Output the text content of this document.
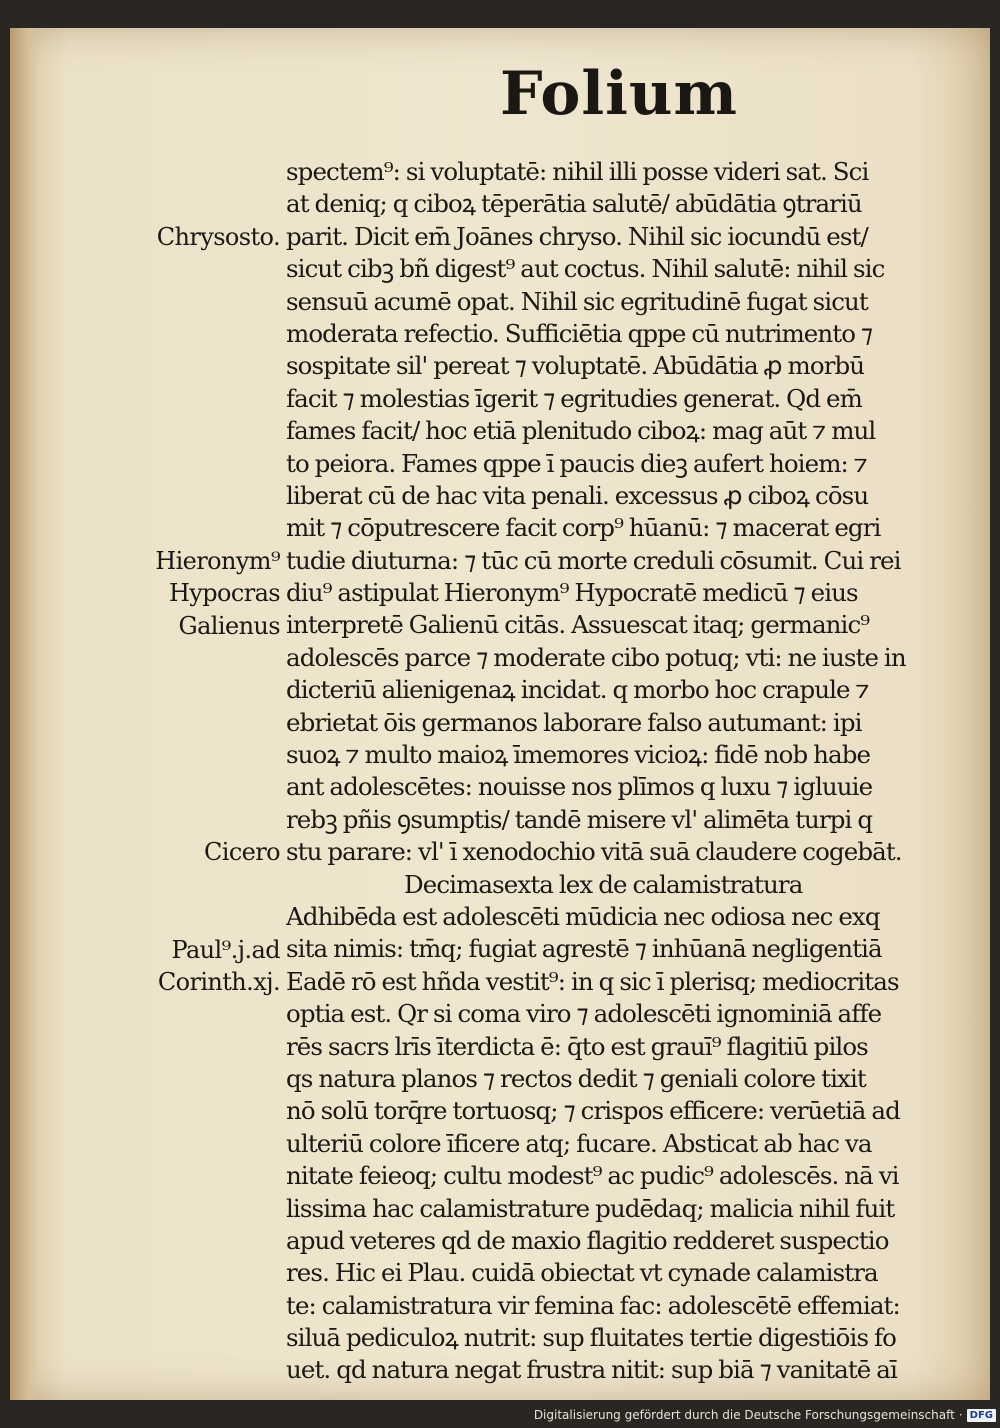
Folium
Chrysosto.
Hieronym⁹
Hypocras
Galienus
Cicero
Paul⁹.j.ad
Corinth.xj.
spectem⁹: si voluptatē: nihil illi posse videri sat. Sci
at deniq; q ciboꝝ tēperātia salutē/ abūdātia ꝯtrariū
parit. Dicit em̄ Joānes chryso. Nihil sic iocundū est/
sicut cibꝫ bñ digest⁹ aut coctus. Nihil salutē: nihil sic
sensuū acumē opat. Nihil sic egritudinē fugat sicut
moderata refectio. Sufficiētia qppe cū nutrimento ⁊
sospitate sil' pereat ⁊ voluptatē. Abūdātia ꝓ morbū
facit ⁊ molestias īgerit ⁊ egritudies generat. Qd em̄
fames facit/ hoc etiā plenitudo ciboꝝ: mag aūt ⁊ mul
to peiora. Fames qppe ī paucis dieꝫ aufert hoiem: ⁊
liberat cū de hac vita penali. excessus ꝓ ciboꝝ cōsu
mit ⁊ cōputrescere facit corp⁹ hūanū: ⁊ macerat egri
tudie diuturna: ⁊ tūc cū morte creduli cōsumit. Cui rei
diu⁹ astipulat Hieronym⁹ Hypocratē medicū ⁊ eius
interpretē Galienū citās. Assuescat itaq; germanic⁹
adolescēs parce ⁊ moderate cibo potuq; vti: ne iuste in
dicteriū alienigenaꝝ incidat. q morbo hoc crapule ⁊
ebrietat ōis germanos laborare falso autumant: ipi
suoꝝ ⁊ multo maioꝝ īmemores vicioꝝ: fidē nob habe
ant adolescētes: nouisse nos plīmos q luxu ⁊ igluuie
rebꝫ pñis ꝯsumptis/ tandē misere vl' alimēta turpi q
stu parare: vl' ī xenodochio vitā suā claudere cogebāt.
Decimasexta lex de calamistratura
Adhibēda est adolescēti mūdicia nec odiosa nec exq
sita nimis: tm̄q; fugiat agrestē ⁊ inhūanā negligentiā
Eadē rō est hñda vestit⁹: in q sic ī plerisq; mediocritas
optia est. Qr si coma viro ⁊ adolescēti ignominiā affe
rēs sacrs lrīs īterdicta ē: q̄to est grauī⁹ flagitiū pilos
qs natura planos ⁊ rectos dedit ⁊ geniali colore tixit
nō solū torq̄re tortuosq; ⁊ crispos efficere: verūetiā ad
ulteriū colore īficere atq; fucare. Absticat ab hac va
nitate feieoq; cultu modest⁹ ac pudic⁹ adolescēs. nā vi
lissima hac calamistrature pudēdaq; malicia nihil fuit
apud veteres qd de maxio flagitio redderet suspectio
res. Hic ei Plau. cuidā obiectat vt cynade calamistra
te: calamistratura vir femina fac: adolescētē effemiat:
siluā pediculoꝝ nutrit: sup fluitates tertie digestiōis fo
uet. qd natura negat frustra nitit: sup biā ⁊ vanitatē aī
Digitalisierung gefördert durch die Deutsche Forschungsgemeinschaft · DFG
